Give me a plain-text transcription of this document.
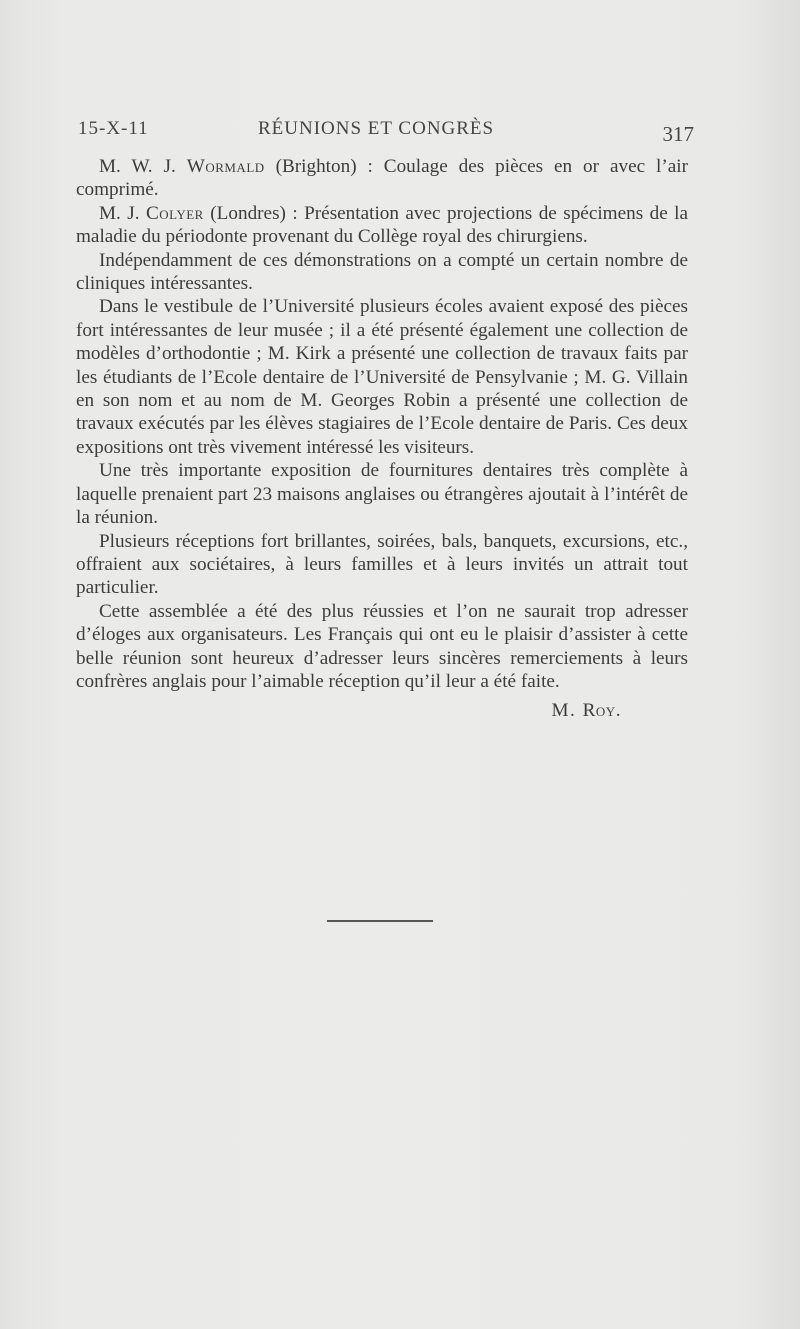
15-X-11	RÉUNIONS ET CONGRÈS	317

M. W. J. Wormald (Brighton) : Coulage des pièces en or avec l’air comprimé.

M. J. Colyer (Londres) : Présentation avec projections de spécimens de la maladie du périodonte provenant du Collège royal des chirurgiens.

Indépendamment de ces démonstrations on a compté un certain nombre de cliniques intéressantes.

Dans le vestibule de l’Université plusieurs écoles avaient exposé des pièces fort intéressantes de leur musée ; il a été présenté également une collection de modèles d’orthodontie ; M. Kirk a présenté une collection de travaux faits par les étudiants de l’Ecole dentaire de l’Université de Pensylvanie ; M. G. Villain en son nom et au nom de M. Georges Robin a présenté une collection de travaux exécutés par les élèves stagiaires de l’Ecole dentaire de Paris. Ces deux expositions ont très vivement intéressé les visiteurs.

Une très importante exposition de fournitures dentaires très complète à laquelle prenaient part 23 maisons anglaises ou étrangères ajoutait à l’intérêt de la réunion.

Plusieurs réceptions fort brillantes, soirées, bals, banquets, excursions, etc., offraient aux sociétaires, à leurs familles et à leurs invités un attrait tout particulier.

Cette assemblée a été des plus réussies et l’on ne saurait trop adresser d’éloges aux organisateurs. Les Français qui ont eu le plaisir d’assister à cette belle réunion sont heureux d’adresser leurs sincères remerciements à leurs confrères anglais pour l’aimable réception qu’il leur a été faite.

M. Roy.
